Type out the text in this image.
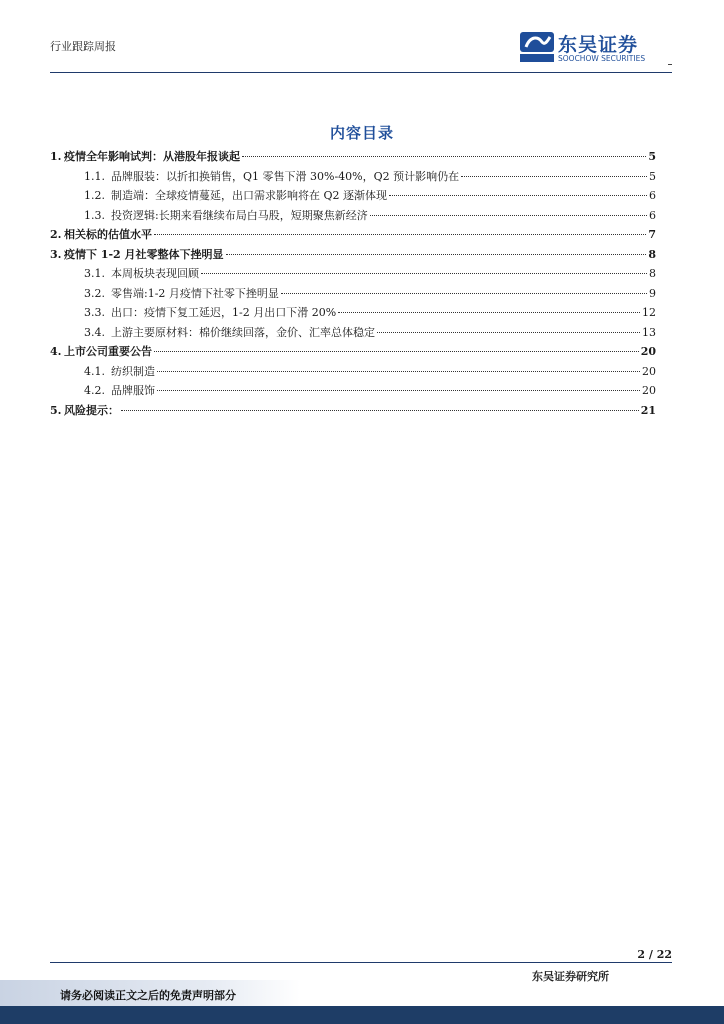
行业跟踪周报	东吴证券
SOOCHOW SECURITIES
内容目录
1. 疫情全年影响试判：从港股年报谈起	5
1.1. 品牌服装：以折扣换销售，Q1 零售下滑 30%-40%，Q2 预计影响仍在	5
1.2. 制造端：全球疫情蔓延，出口需求影响将在 Q2 逐渐体现	6
1.3. 投资逻辑:长期来看继续布局白马股，短期聚焦新经济	6
2. 相关标的估值水平	7
3. 疫情下 1-2 月社零整体下挫明显	8
3.1. 本周板块表现回顾	8
3.2. 零售端:1-2 月疫情下社零下挫明显	9
3.3. 出口：疫情下复工延迟，1-2 月出口下滑 20%	12
3.4. 上游主要原材料：棉价继续回落，金价、汇率总体稳定	13
4. 上市公司重要公告	20
4.1. 纺织制造	20
4.2. 品牌服饰	20
5. 风险提示：	21
2 / 22
东吴证券研究所
请务必阅读正文之后的免责声明部分
